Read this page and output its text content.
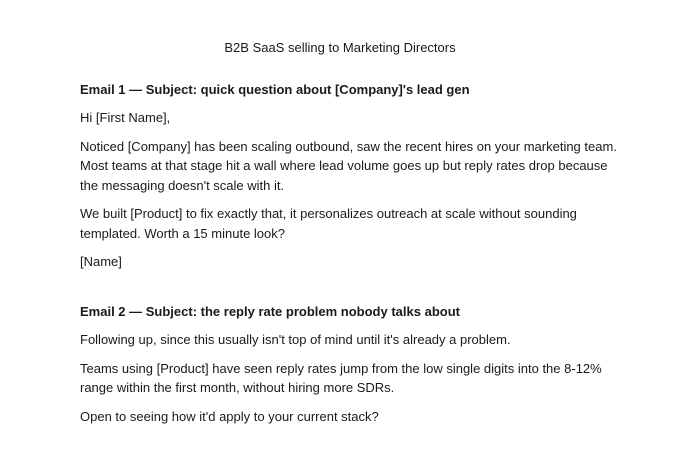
B2B SaaS selling to Marketing Directors

Email 1 — Subject: quick question about [Company]'s lead gen

Hi [First Name],

Noticed [Company] has been scaling outbound, saw the recent hires on your marketing team. Most teams at that stage hit a wall where lead volume goes up but reply rates drop because the messaging doesn't scale with it.

We built [Product] to fix exactly that, it personalizes outreach at scale without sounding templated. Worth a 15 minute look?

[Name]

Email 2 — Subject: the reply rate problem nobody talks about

Following up, since this usually isn't top of mind until it's already a problem.

Teams using [Product] have seen reply rates jump from the low single digits into the 8-12% range within the first month, without hiring more SDRs.

Open to seeing how it'd apply to your current stack?
